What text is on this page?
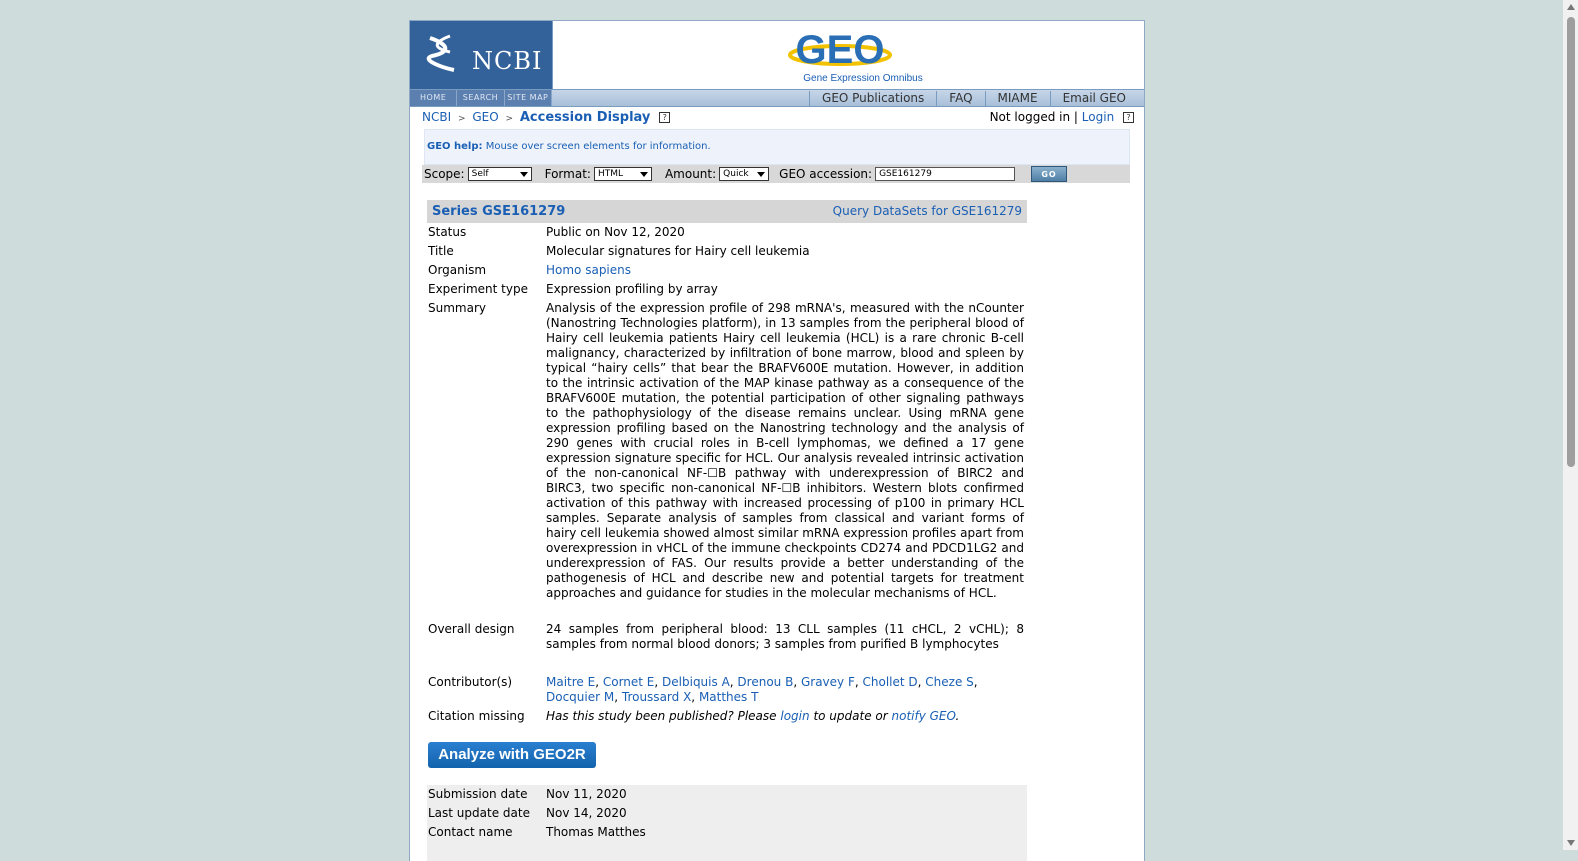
NCBI	GEO
Gene Expression Omnibus
HOME	SEARCH	SITE MAP	GEO Publications	FAQ	MIAME	Email GEO
NCBI > GEO > Accession Display ?	Not logged in | Login ?
GEO help: Mouse over screen elements for information.
Scope: Self	Format: HTML	Amount: Quick	GEO accession: GSE161279	GO
Series GSE161279	Query DataSets for GSE161279
Status	Public on Nov 12, 2020
Title	Molecular signatures for Hairy cell leukemia
Organism	Homo sapiens
Experiment type	Expression profiling by array
Summary	Analysis of the expression profile of 298 mRNA's, measured with the nCounter (Nanostring Technologies platform), in 13 samples from the peripheral blood of Hairy cell leukemia patients Hairy cell leukemia (HCL) is a rare chronic B-cell malignancy, characterized by infiltration of bone marrow, blood and spleen by typical “hairy cells” that bear the BRAFV600E mutation. However, in addition to the intrinsic activation of the MAP kinase pathway as a consequence of the BRAFV600E mutation, the potential participation of other signaling pathways to the pathophysiology of the disease remains unclear. Using mRNA gene expression profiling based on the Nanostring technology and the analysis of 290 genes with crucial roles in B-cell lymphomas, we defined a 17 gene expression signature specific for HCL. Our analysis revealed intrinsic activation of the non-canonical NF-☐B pathway with underexpression of BIRC2 and BIRC3, two specific non-canonical NF-☐B inhibitors. Western blots confirmed activation of this pathway with increased processing of p100 in primary HCL samples. Separate analysis of samples from classical and variant forms of hairy cell leukemia showed almost similar mRNA expression profiles apart from overexpression in vHCL of the immune checkpoints CD274 and PDCD1LG2 and underexpression of FAS. Our results provide a better understanding of the pathogenesis of HCL and describe new and potential targets for treatment approaches and guidance for studies in the molecular mechanisms of HCL.
Overall design	24 samples from peripheral blood: 13 CLL samples (11 cHCL, 2 vCHL); 8 samples from normal blood donors; 3 samples from purified B lymphocytes
Contributor(s)	Maitre E, Cornet E, Delbiquis A, Drenou B, Gravey F, Chollet D, Cheze S, Docquier M, Troussard X, Matthes T
Citation missing	Has this study been published? Please login to update or notify GEO.
Analyze with GEO2R
Submission date	Nov 11, 2020
Last update date	Nov 14, 2020
Contact name	Thomas Matthes
